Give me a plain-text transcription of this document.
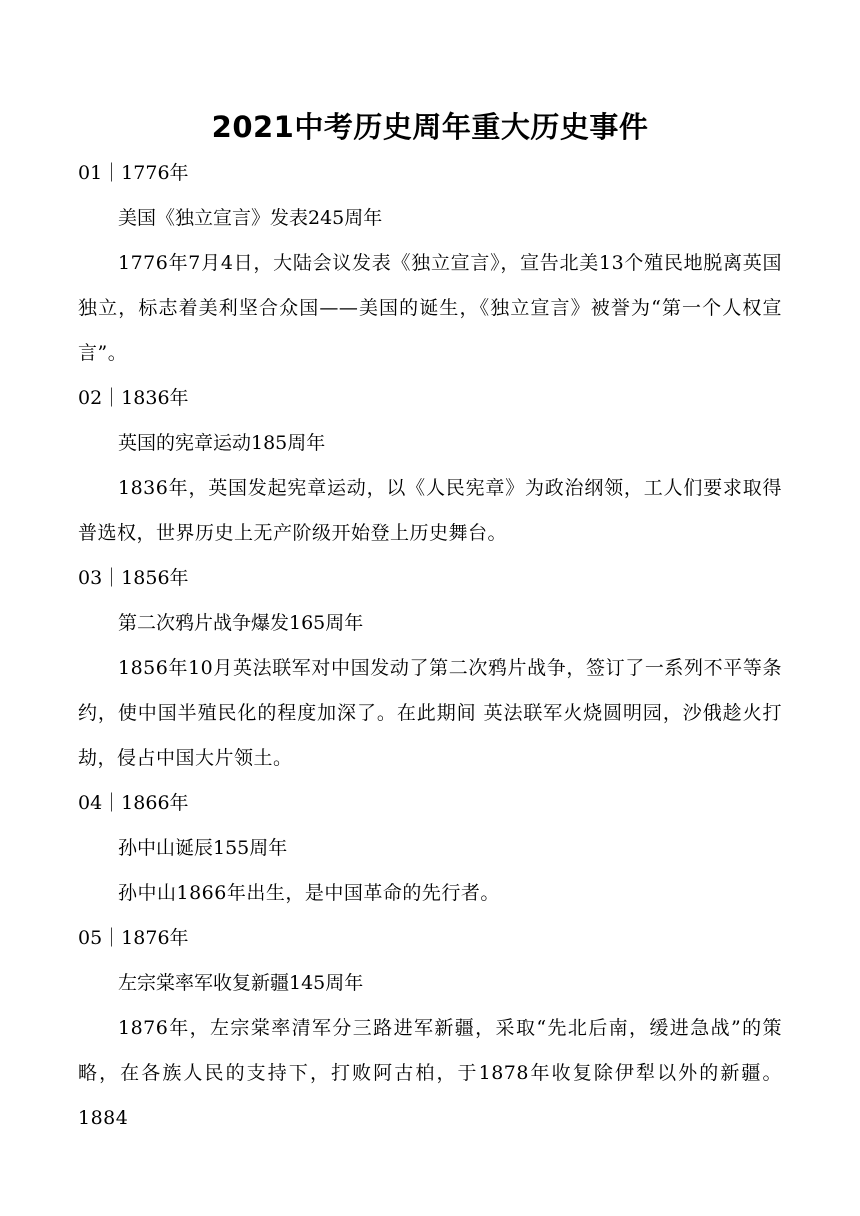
2021中考历史周年重大历史事件
01｜1776年
美国《独立宣言》发表245周年
1776年7月4日，大陆会议发表《独立宣言》，宣告北美13个殖民地脱离英国独立，标志着美利坚合众国——美国的诞生，《独立宣言》被誉为“第一个人权宣言”。
02｜1836年
英国的宪章运动185周年
1836年，英国发起宪章运动，以《人民宪章》为政治纲领，工人们要求取得普选权，世界历史上无产阶级开始登上历史舞台。
03｜1856年
第二次鸦片战争爆发165周年
1856年10月英法联军对中国发动了第二次鸦片战争，签订了一系列不平等条约，使中国半殖民化的程度加深了。在此期间 英法联军火烧圆明园，沙俄趁火打劫，侵占中国大片领土。
04｜1866年
孙中山诞辰155周年
孙中山1866年出生，是中国革命的先行者。
05｜1876年
左宗棠率军收复新疆145周年
1876年，左宗棠率清军分三路进军新疆，采取“先北后南，缓进急战”的策略，在各族人民的支持下，打败阿古柏，于1878年收复除伊犁以外的新疆。1884
